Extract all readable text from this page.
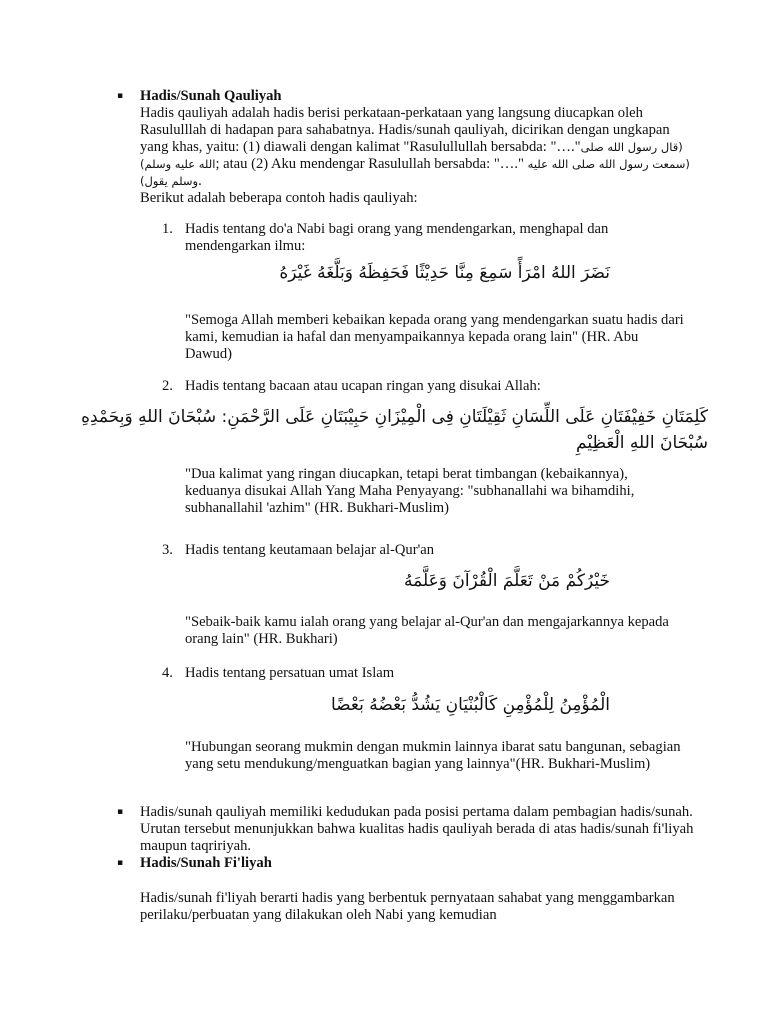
▪ Hadis/Sunah Qauliyah

Hadis qauliyah adalah hadis berisi perkataan-perkataan yang langsung diucapkan oleh Rasululllah di hadapan para sahabatnya. Hadis/sunah qauliyah, dicirikan dengan ungkapan yang khas, yaitu: (1) diawali dengan kalimat "Rasulullullah bersabda: "…."(قال رسول الله صلى الله عليه وسلم); atau (2) Aku mendengar Rasulullah bersabda: "…." (سمعت رسول الله صلى الله عليه وسلم يقول).

Berikut adalah beberapa contoh hadis qauliyah:

1. Hadis tentang do'a Nabi bagi orang yang mendengarkan, menghapal dan mendengarkan ilmu:

نَضَرَ اللهُ امْرَأً سَمِعَ مِنَّا حَدِيْثًا فَحَفِظَهُ وَبَلَّغَهُ غَيْرَهُ

"Semoga Allah memberi kebaikan kepada orang yang mendengarkan suatu hadis dari kami, kemudian ia hafal dan menyampaikannya kepada orang lain" (HR. Abu Dawud)

2. Hadis tentang bacaan atau ucapan ringan yang disukai Allah:

كَلِمَتَانِ خَفِيْفَتَانِ عَلَى اللِّسَانِ ثَقِيْلَتَانِ فِى الْمِيْزَانِ حَبِيْبَتَانِ عَلَى الرَّحْمَنِ: سُبْحَانَ اللهِ وَبِحَمْدِهِ سُبْحَانَ اللهِ الْعَظِيْمِ

"Dua kalimat yang ringan diucapkan, tetapi berat timbangan (kebaikannya), keduanya disukai Allah Yang Maha Penyayang: "subhanallahi wa bihamdihi, subhanallahil 'azhim" (HR. Bukhari-Muslim)

3. Hadis tentang keutamaan belajar al-Qur'an

خَيْرُكُمْ مَنْ تَعَلَّمَ الْقُرْآنَ وَعَلَّمَهُ

"Sebaik-baik kamu ialah orang yang belajar al-Qur'an dan mengajarkannya kepada orang lain" (HR. Bukhari)

4. Hadis tentang persatuan umat Islam

الْمُؤْمِنُ لِلْمُؤْمِنِ كَالْبُنْيَانِ يَشُدُّ بَعْضُهُ بَعْضًا

"Hubungan seorang mukmin dengan mukmin lainnya ibarat satu bangunan, sebagian yang setu mendukung/menguatkan bagian yang lainnya"(HR. Bukhari-Muslim)

▪ Hadis/sunah qauliyah memiliki kedudukan pada posisi pertama dalam pembagian hadis/sunah. Urutan tersebut menunjukkan bahwa kualitas hadis qauliyah berada di atas hadis/sunah fi'liyah maupun taqririyah.

▪ Hadis/Sunah Fi'liyah

Hadis/sunah fi'liyah berarti hadis yang berbentuk pernyataan sahabat yang menggambarkan perilaku/perbuatan yang dilakukan oleh Nabi yang kemudian
